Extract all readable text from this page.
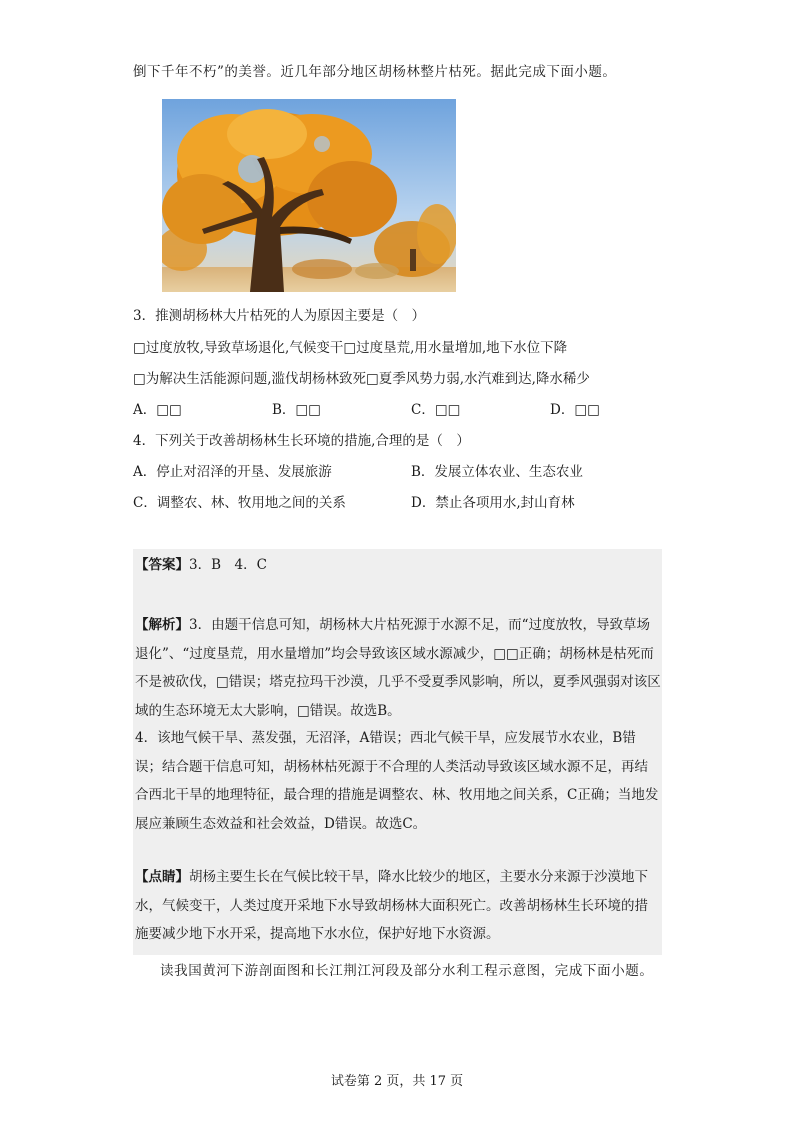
倒下千年不朽”的美誉。近几年部分地区胡杨林整片枯死。据此完成下面小题。
3．推测胡杨林大片枯死的人为原因主要是（　）
□过度放牧,导致草场退化,气候变干□过度垦荒,用水量增加,地下水位下降
□为解决生活能源问题,滥伐胡杨林致死□夏季风势力弱,水汽难到达,降水稀少
A．□□	B．□□	C．□□	D．□□
4．下列关于改善胡杨林生长环境的措施,合理的是（　）
A．停止对沼泽的开垦、发展旅游	B．发展立体农业、生态农业
C．调整农、林、牧用地之间的关系	D．禁止各项用水,封山育林
【答案】3．B　4．C
【解析】3．由题干信息可知，胡杨林大片枯死源于水源不足，而“过度放牧，导致草场退化”、“过度垦荒，用水量增加”均会导致该区域水源减少，□□正确；胡杨林是枯死而不是被砍伐，□错误；塔克拉玛干沙漠，几乎不受夏季风影响，所以，夏季风强弱对该区域的生态环境无太大影响，□错误。故选B。
4．该地气候干旱、蒸发强，无沼泽，A错误；西北气候干旱，应发展节水农业，B错误；结合题干信息可知，胡杨林枯死源于不合理的人类活动导致该区域水源不足，再结合西北干旱的地理特征，最合理的措施是调整农、林、牧用地之间关系，C正确；当地发展应兼顾生态效益和社会效益，D错误。故选C。
【点睛】胡杨主要生长在气候比较干旱，降水比较少的地区，主要水分来源于沙漠地下水，气候变干，人类过度开采地下水导致胡杨林大面积死亡。改善胡杨林生长环境的措施要减少地下水开采，提高地下水水位，保护好地下水资源。
读我国黄河下游剖面图和长江荆江河段及部分水利工程示意图，完成下面小题。
试卷第 2 页，共 17 页
